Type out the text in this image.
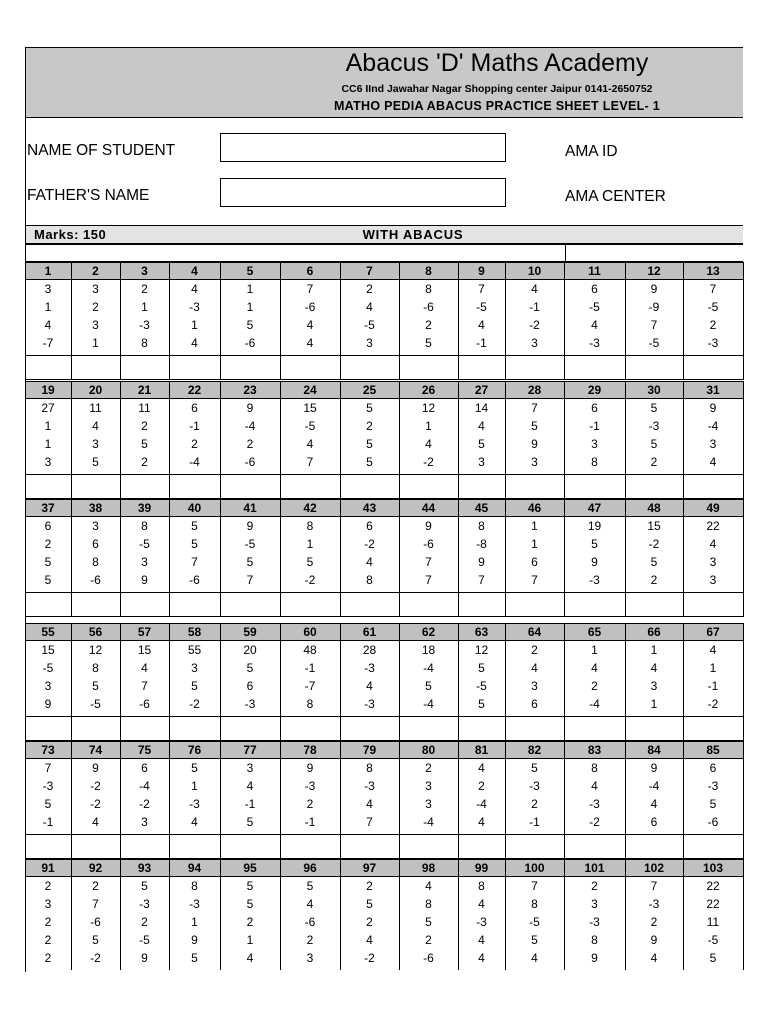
Abacus 'D' Maths Academy
CC6 IInd Jawahar Nagar Shopping center Jaipur 0141-2650752
MATHO PEDIA ABACUS PRACTICE SHEET LEVEL- 1
NAME OF STUDENT	AMA ID
FATHER'S NAME	AMA CENTER
Marks: 150	WITH ABACUS
1	2	3	4	5	6	7	8	9	10	11	12	13
3	3	2	4	1	7	2	8	7	4	6	9	7
1	2	1	-3	1	-6	4	-6	-5	-1	-5	-9	-5
4	3	-3	1	5	4	-5	2	4	-2	4	7	2
-7	1	8	4	-6	4	3	5	-1	3	-3	-5	-3
19	20	21	22	23	24	25	26	27	28	29	30	31
27	11	11	6	9	15	5	12	14	7	6	5	9
1	4	2	-1	-4	-5	2	1	4	5	-1	-3	-4
1	3	5	2	2	4	5	4	5	9	3	5	3
3	5	2	-4	-6	7	5	-2	3	3	8	2	4
37	38	39	40	41	42	43	44	45	46	47	48	49
6	3	8	5	9	8	6	9	8	1	19	15	22
2	6	-5	5	-5	1	-2	-6	-8	1	5	-2	4
5	8	3	7	5	5	4	7	9	6	9	5	3
5	-6	9	-6	7	-2	8	7	7	7	-3	2	3
55	56	57	58	59	60	61	62	63	64	65	66	67
15	12	15	55	20	48	28	18	12	2	1	1	4
-5	8	4	3	5	-1	-3	-4	5	4	4	4	1
3	5	7	5	6	-7	4	5	-5	3	2	3	-1
9	-5	-6	-2	-3	8	-3	-4	5	6	-4	1	-2
73	74	75	76	77	78	79	80	81	82	83	84	85
7	9	6	5	3	9	8	2	4	5	8	9	6
-3	-2	-4	1	4	-3	-3	3	2	-3	4	-4	-3
5	-2	-2	-3	-1	2	4	3	-4	2	-3	4	5
-1	4	3	4	5	-1	7	-4	4	-1	-2	6	-6
91	92	93	94	95	96	97	98	99	100	101	102	103
2	2	5	8	5	5	2	4	8	7	2	7	22
3	7	-3	-3	5	4	5	8	4	8	3	-3	22
2	-6	2	1	2	-6	2	5	-3	-5	-3	2	11
2	5	-5	9	1	2	4	2	4	5	8	9	-5
2	-2	9	5	4	3	-2	-6	4	4	9	4	5
